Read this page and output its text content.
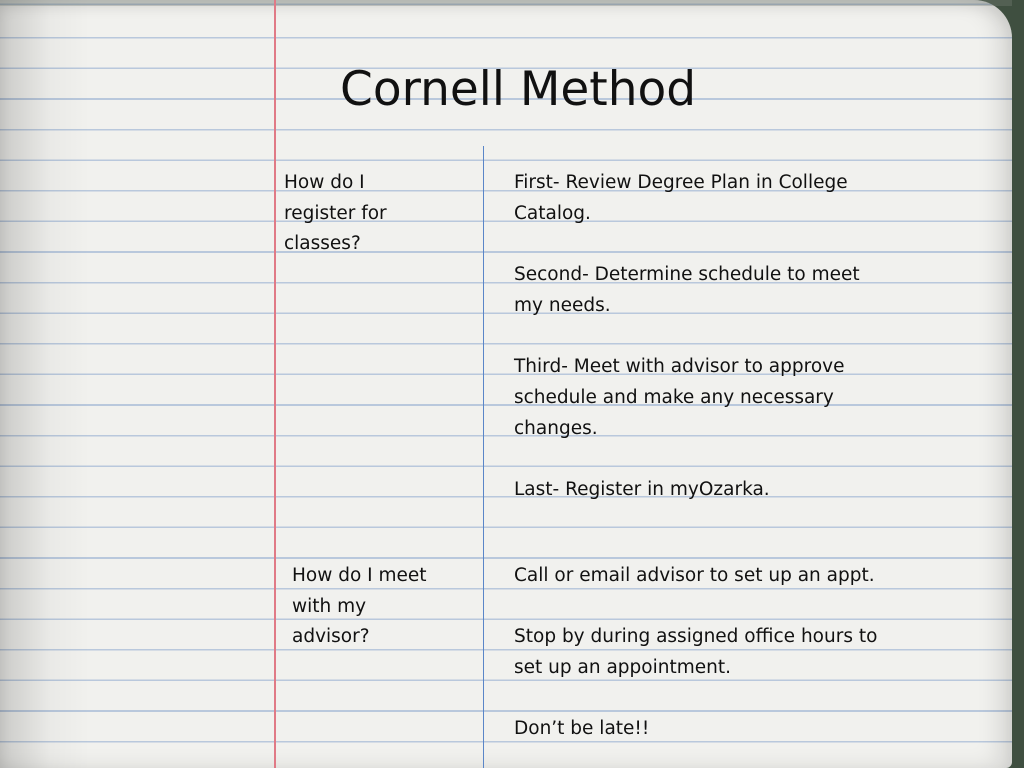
Cornell Method
How do I
register for
classes?

First- Review Degree Plan in College
Catalog.

Second- Determine schedule to meet
my needs.

Third- Meet with advisor to approve
schedule and make any necessary
changes.

Last- Register in myOzarka.

How do I meet
with my
advisor?

Call or email advisor to set up an appt.

Stop by during assigned office hours to
set up an appointment.

Don’t be late!!
